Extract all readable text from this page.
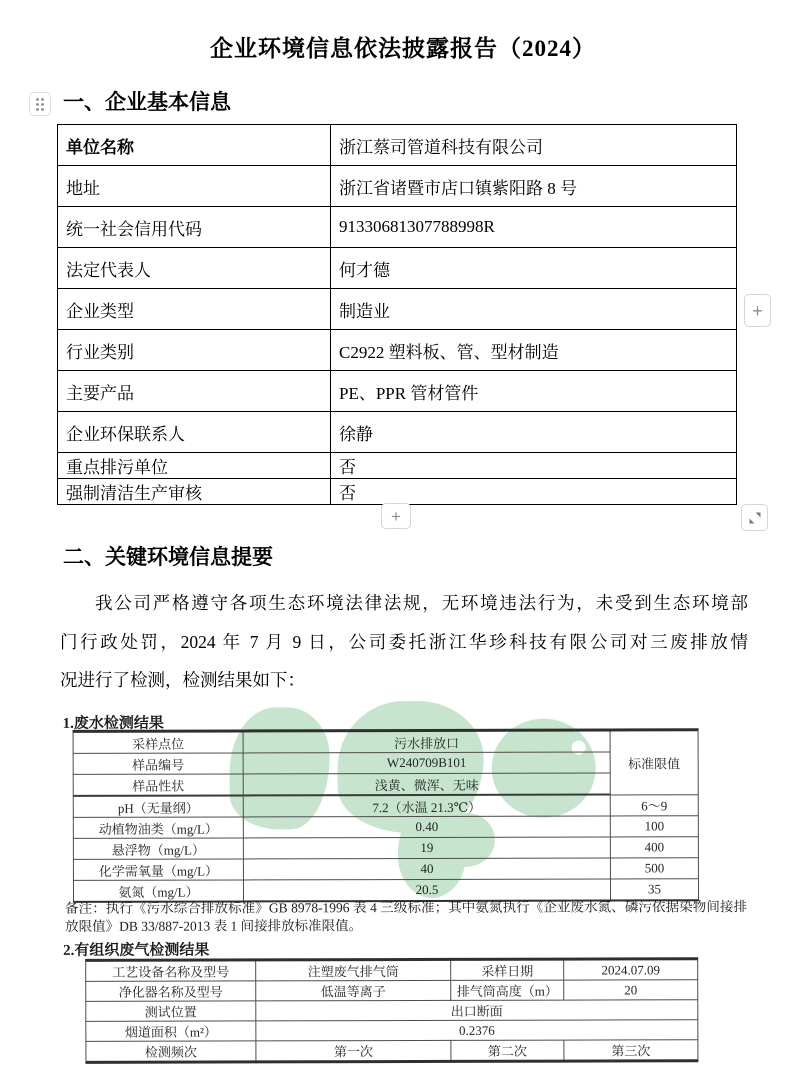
企业环境信息依法披露报告（2024）
一、企业基本信息
单位名称	浙江蔡司管道科技有限公司
地址	浙江省诸暨市店口镇紫阳路 8 号
统一社会信用代码	91330681307788998R
法定代表人	何才德
企业类型	制造业
行业类别	C2922 塑料板、管、型材制造
主要产品	PE、PPR 管材管件
企业环保联系人	徐静
重点排污单位	否
强制清洁生产审核	否
+
+
二、关键环境信息提要
我公司严格遵守各项生态环境法律法规，无环境违法行为，未受到生态环境部
门行政处罚，2024 年 7 月 9 日，公司委托浙江华珍科技有限公司对三废排放情
况进行了检测，检测结果如下：
1.废水检测结果
采样点位	污水排放口	标准限值
样品编号	W240709B101	
样品性状	浅黄、微浑、无味	
pH（无量纲）	7.2（水温 21.3℃）	6～9
动植物油类（mg/L）	0.40	100
悬浮物（mg/L）	19	400
化学需氧量（mg/L）	40	500
氨氮（mg/L）	20.5	35
备注：执行《污水综合排放标准》GB 8978-1996 表 4 三级标准；其中氨氮执行《企业废水氮、磷污依据染物间接排放限值》DB 33/887-2013 表 1 间接排放标准限值。
2.有组织废气检测结果
工艺设备名称及型号	注塑废气排气筒	采样日期	2024.07.09
净化器名称及型号	低温等离子	排气筒高度（m）	20
测试位置	出口断面		
烟道面积（m²）	0.2376		
检测频次	第一次	第二次	第三次
